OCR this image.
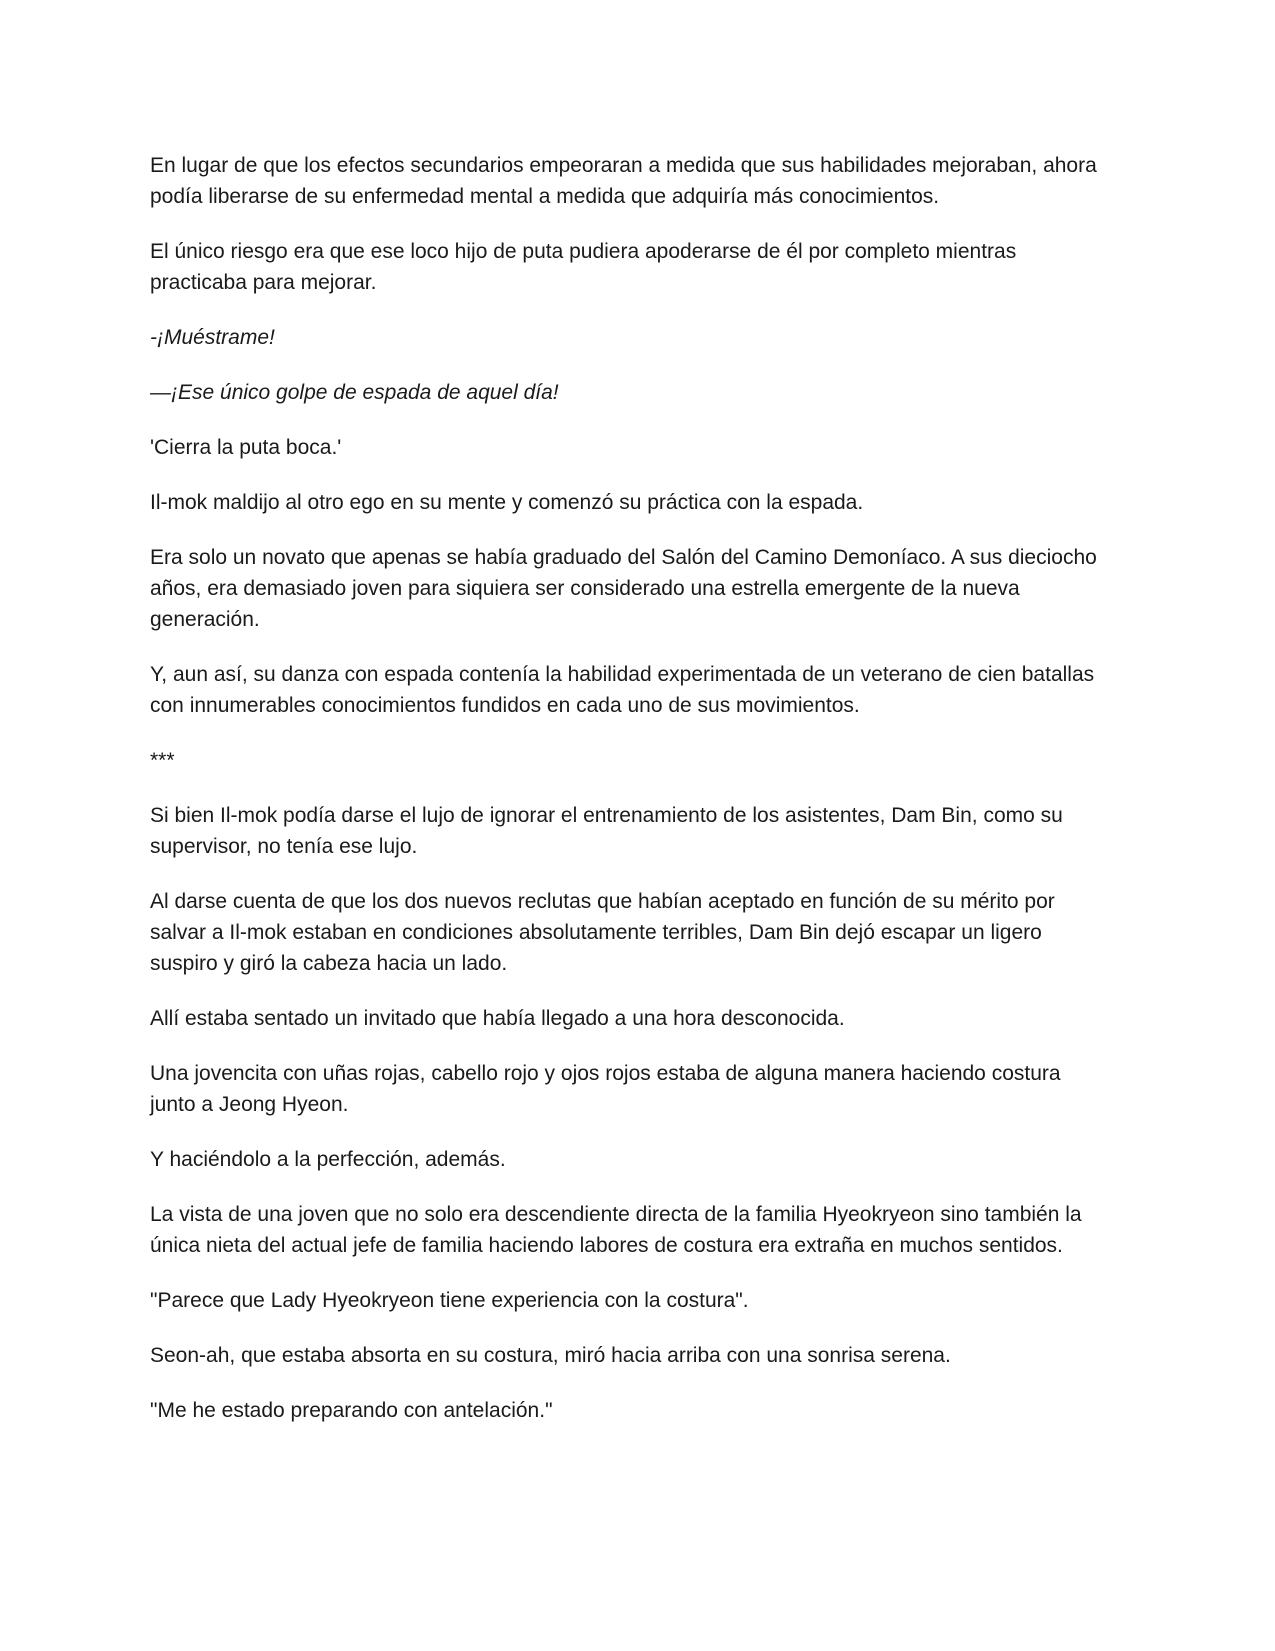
En lugar de que los efectos secundarios empeoraran a medida que sus habilidades mejoraban, ahora podía liberarse de su enfermedad mental a medida que adquiría más conocimientos.

El único riesgo era que ese loco hijo de puta pudiera apoderarse de él por completo mientras practicaba para mejorar.

-¡Muéstrame!

—¡Ese único golpe de espada de aquel día!

'Cierra la puta boca.'

Il-mok maldijo al otro ego en su mente y comenzó su práctica con la espada.

Era solo un novato que apenas se había graduado del Salón del Camino Demoníaco. A sus dieciocho años, era demasiado joven para siquiera ser considerado una estrella emergente de la nueva generación.

Y, aun así, su danza con espada contenía la habilidad experimentada de un veterano de cien batallas con innumerables conocimientos fundidos en cada uno de sus movimientos.

***

Si bien Il-mok podía darse el lujo de ignorar el entrenamiento de los asistentes, Dam Bin, como su supervisor, no tenía ese lujo.

Al darse cuenta de que los dos nuevos reclutas que habían aceptado en función de su mérito por salvar a Il-mok estaban en condiciones absolutamente terribles, Dam Bin dejó escapar un ligero suspiro y giró la cabeza hacia un lado.

Allí estaba sentado un invitado que había llegado a una hora desconocida.

Una jovencita con uñas rojas, cabello rojo y ojos rojos estaba de alguna manera haciendo costura junto a Jeong Hyeon.

Y haciéndolo a la perfección, además.

La vista de una joven que no solo era descendiente directa de la familia Hyeokryeon sino también la única nieta del actual jefe de familia haciendo labores de costura era extraña en muchos sentidos.

"Parece que Lady Hyeokryeon tiene experiencia con la costura".

Seon-ah, que estaba absorta en su costura, miró hacia arriba con una sonrisa serena.

"Me he estado preparando con antelación."
